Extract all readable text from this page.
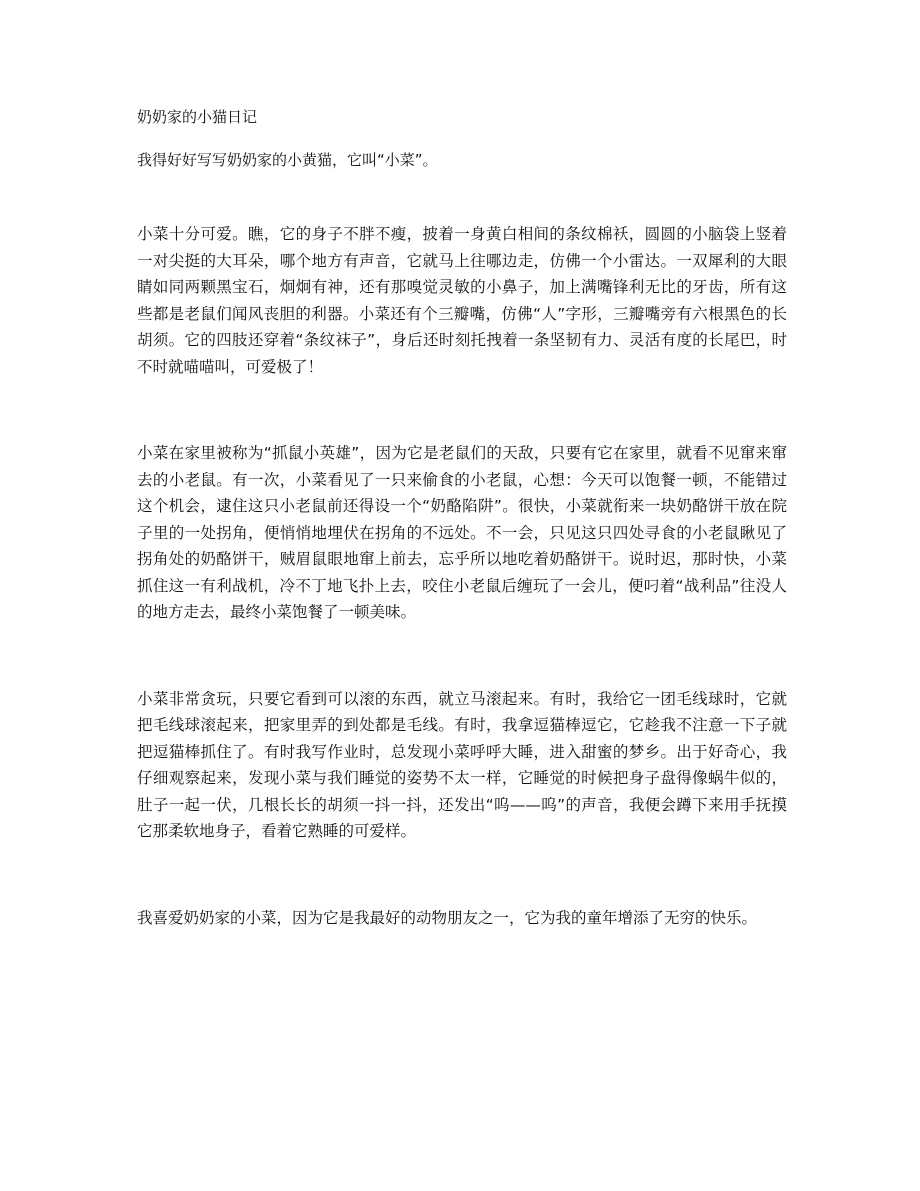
奶奶家的小猫日记
我得好好写写奶奶家的小黄猫，它叫“小菜”。
小菜十分可爱。瞧，它的身子不胖不瘦，披着一身黄白相间的条纹棉袄，圆圆的小脑袋上竖着一对尖挺的大耳朵，哪个地方有声音，它就马上往哪边走，仿佛一个小雷达。一双犀利的大眼睛如同两颗黑宝石，炯炯有神，还有那嗅觉灵敏的小鼻子，加上满嘴锋利无比的牙齿，所有这些都是老鼠们闻风丧胆的利器。小菜还有个三瓣嘴，仿佛“人”字形，三瓣嘴旁有六根黑色的长胡须。它的四肢还穿着“条纹袜子”，身后还时刻托拽着一条坚韧有力、灵活有度的长尾巴，时不时就喵喵叫，可爱极了！
小菜在家里被称为“抓鼠小英雄”，因为它是老鼠们的天敌，只要有它在家里，就看不见窜来窜去的小老鼠。有一次，小菜看见了一只来偷食的小老鼠，心想：今天可以饱餐一顿，不能错过这个机会，逮住这只小老鼠前还得设一个“奶酪陷阱”。很快，小菜就衔来一块奶酪饼干放在院子里的一处拐角，便悄悄地埋伏在拐角的不远处。不一会，只见这只四处寻食的小老鼠瞅见了拐角处的奶酪饼干，贼眉鼠眼地窜上前去，忘乎所以地吃着奶酪饼干。说时迟，那时快，小菜抓住这一有利战机，冷不丁地飞扑上去，咬住小老鼠后缠玩了一会儿，便叼着“战利品”往没人的地方走去，最终小菜饱餐了一顿美味。
小菜非常贪玩，只要它看到可以滚的东西，就立马滚起来。有时，我给它一团毛线球时，它就把毛线球滚起来，把家里弄的到处都是毛线。有时，我拿逗猫棒逗它，它趁我不注意一下子就把逗猫棒抓住了。有时我写作业时，总发现小菜呼呼大睡，进入甜蜜的梦乡。出于好奇心，我仔细观察起来，发现小菜与我们睡觉的姿势不太一样，它睡觉的时候把身子盘得像蜗牛似的，肚子一起一伏，几根长长的胡须一抖一抖，还发出“呜——呜”的声音，我便会蹲下来用手抚摸它那柔软地身子，看着它熟睡的可爱样。
我喜爱奶奶家的小菜，因为它是我最好的动物朋友之一，它为我的童年增添了无穷的快乐。
